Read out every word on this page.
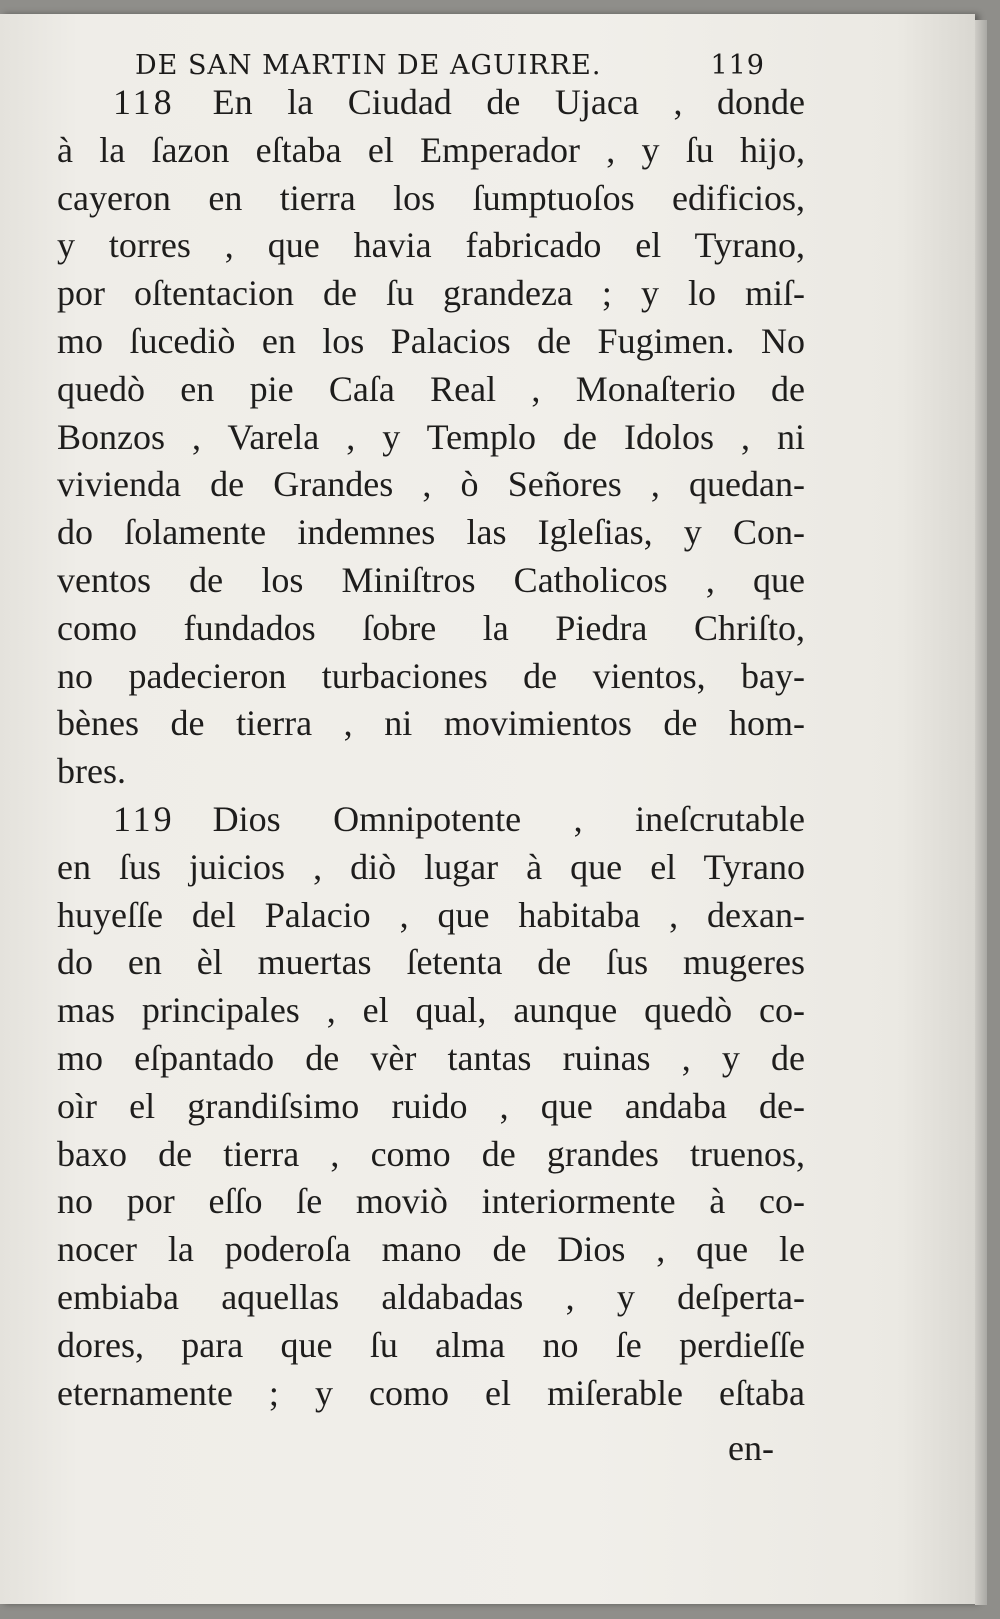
DE SAN MARTIN DE AGUIRRE.	119
118 En la Ciudad de Ujaca , donde
à la ſazon eſtaba el Emperador , y ſu hijo,
cayeron en tierra los ſumptuoſos edificios,
y torres , que havia fabricado el Tyrano,
por oſtentacion de ſu grandeza ; y lo miſ-
mo ſucediò en los Palacios de Fugimen. No
quedò en pie Caſa Real , Monaſterio de
Bonzos , Varela , y Templo de Idolos , ni
vivienda de Grandes , ò Señores , quedan-
do ſolamente indemnes las Igleſias, y Con-
ventos de los Miniſtros Catholicos , que
como fundados ſobre la Piedra Chriſto,
no padecieron turbaciones de vientos, bay-
bènes de tierra , ni movimientos de hom-
bres.
119 Dios Omnipotente , ineſcrutable
en ſus juicios , diò lugar à que el Tyrano
huyeſſe del Palacio , que habitaba , dexan-
do en èl muertas ſetenta de ſus mugeres
mas principales , el qual, aunque quedò co-
mo eſpantado de vèr tantas ruinas , y de
oìr el grandiſsimo ruido , que andaba de-
baxo de tierra , como de grandes truenos,
no por eſſo ſe moviò interiormente à co-
nocer la poderoſa mano de Dios , que le
embiaba aquellas aldabadas , y deſperta-
dores, para que ſu alma no ſe perdieſſe
eternamente ; y como el miſerable eſtaba
en-
